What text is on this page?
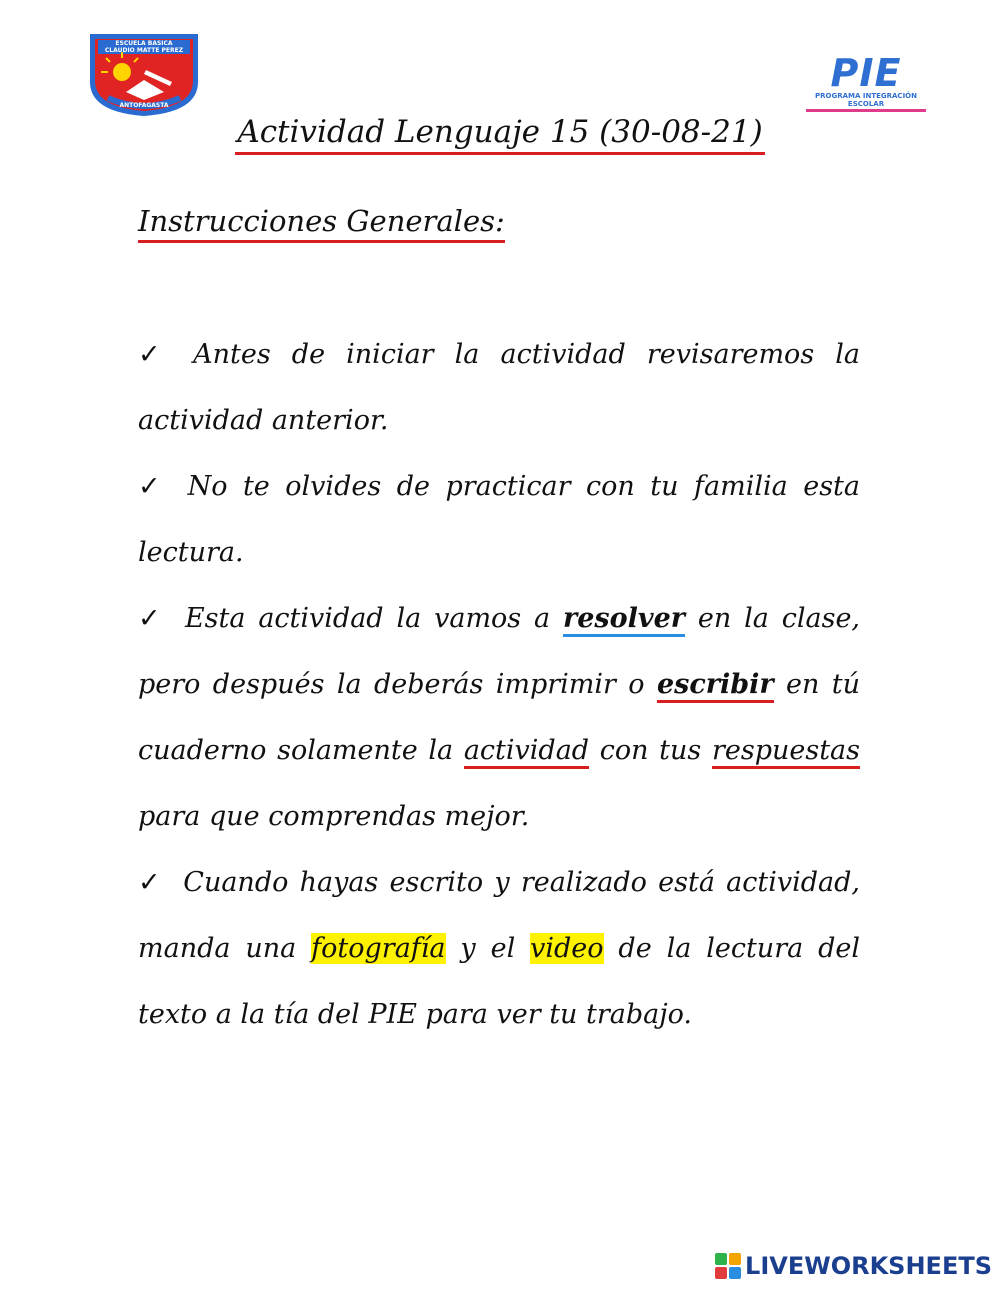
ESCUELA BASICA
CLAUDIO MATTE PEREZ
ANTOFAGASTA
PIE
PROGRAMA INTEGRACIÓN ESCOLAR
Actividad Lenguaje 15 (30-08-21)
Instrucciones Generales:

✓ Antes de iniciar la actividad revisaremos la actividad anterior.

✓ No te olvides de practicar con tu familia esta lectura.

✓ Esta actividad la vamos a resolver en la clase, pero después la deberás imprimir o escribir en tú cuaderno solamente la actividad con tus respuestas para que comprendas mejor.

✓ Cuando hayas escrito y realizado está actividad, manda una fotografía y el video de la lectura del texto a la tía del PIE para ver tu trabajo.

LIVEWORKSHEETS
